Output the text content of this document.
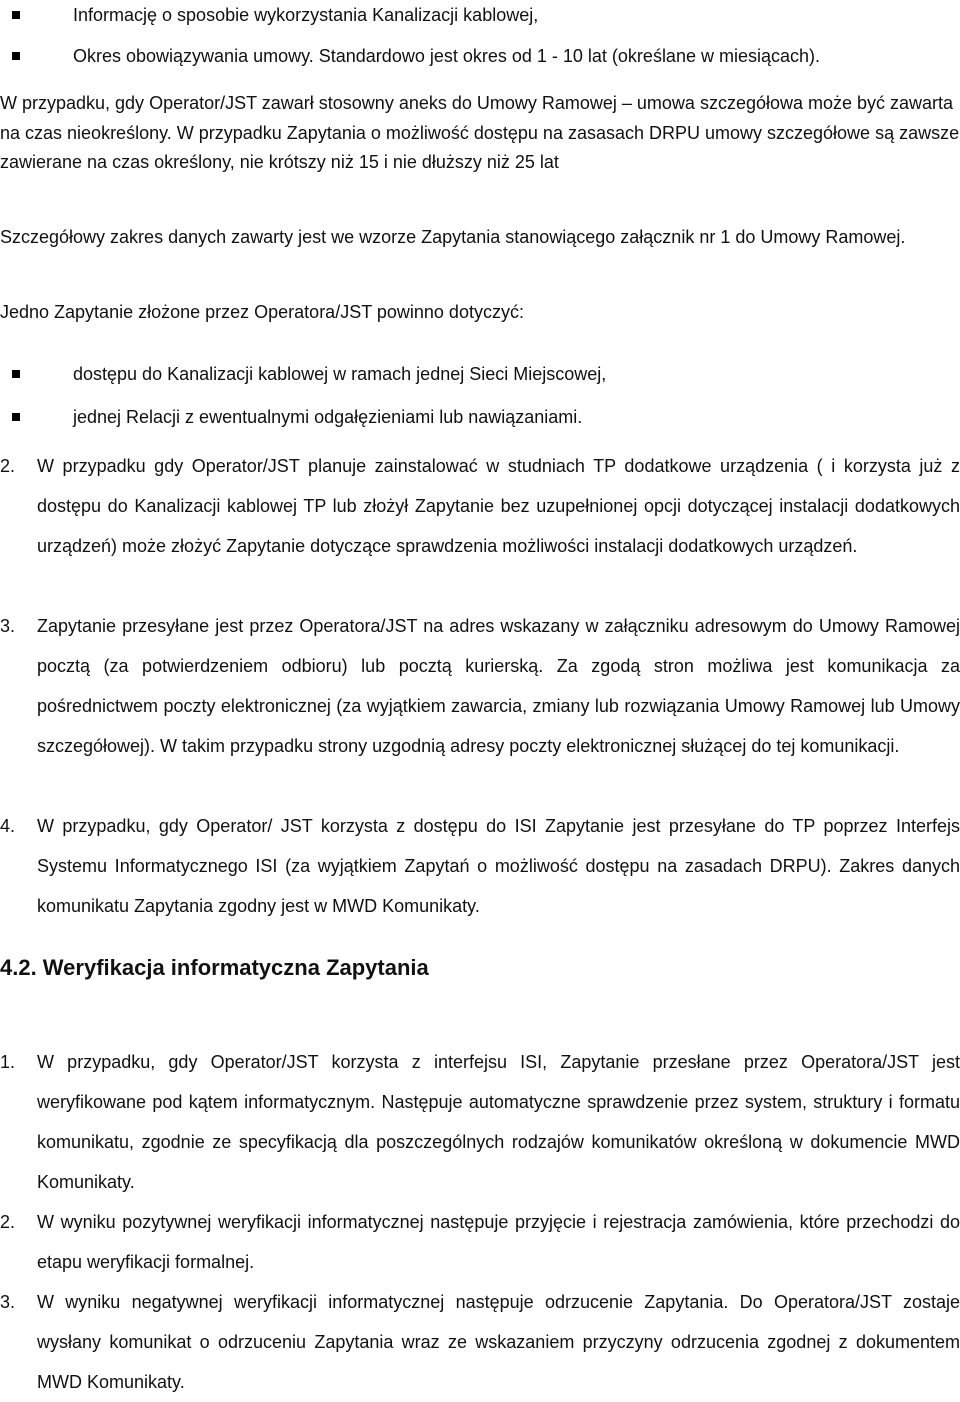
Informację o sposobie wykorzystania Kanalizacji kablowej,
Okres obowiązywania umowy. Standardowo jest okres od 1 - 10 lat (określane w miesiącach).
W przypadku, gdy Operator/JST zawarł stosowny aneks do Umowy Ramowej – umowa szczegółowa może być zawarta na czas nieokreślony. W przypadku Zapytania o możliwość dostępu na zasasach DRPU umowy szczegółowe są zawsze zawierane na czas określony, nie krótszy niż 15 i nie dłuższy niż 25 lat
Szczegółowy zakres danych zawarty jest we wzorze Zapytania stanowiącego załącznik nr 1 do Umowy Ramowej.
Jedno Zapytanie złożone przez Operatora/JST powinno dotyczyć:
dostępu do Kanalizacji kablowej w ramach jednej Sieci Miejscowej,
jednej Relacji z ewentualnymi odgałęzieniami lub nawiązaniami.
2. W przypadku gdy Operator/JST planuje zainstalować w studniach TP dodatkowe urządzenia ( i korzysta już z dostępu do Kanalizacji kablowej TP lub złożył Zapytanie bez uzupełnionej opcji dotyczącej instalacji dodatkowych urządzeń) może złożyć Zapytanie dotyczące sprawdzenia możliwości instalacji dodatkowych urządzeń.
3. Zapytanie przesyłane jest przez Operatora/JST na adres wskazany w załączniku adresowym do Umowy Ramowej pocztą (za potwierdzeniem odbioru) lub pocztą kurierską. Za zgodą stron możliwa jest komunikacja za pośrednictwem poczty elektronicznej (za wyjątkiem zawarcia, zmiany lub rozwiązania Umowy Ramowej lub Umowy szczegółowej). W takim przypadku strony uzgodnią adresy poczty elektronicznej służącej do tej komunikacji.
4. W przypadku, gdy Operator/ JST korzysta z dostępu do ISI Zapytanie jest przesyłane do TP poprzez Interfejs Systemu Informatycznego ISI (za wyjątkiem Zapytań o możliwość dostępu na zasadach DRPU). Zakres danych komunikatu Zapytania zgodny jest w MWD Komunikaty.
4.2. Weryfikacja informatyczna Zapytania
1. W przypadku, gdy Operator/JST korzysta z interfejsu ISI, Zapytanie przesłane przez Operatora/JST jest weryfikowane pod kątem informatycznym. Następuje automatyczne sprawdzenie przez system, struktury i formatu komunikatu, zgodnie ze specyfikacją dla poszczególnych rodzajów komunikatów określoną w dokumencie MWD Komunikaty.
2. W wyniku pozytywnej weryfikacji informatycznej następuje przyjęcie i rejestracja zamówienia, które przechodzi do etapu weryfikacji formalnej.
3. W wyniku negatywnej weryfikacji informatycznej następuje odrzucenie Zapytania. Do Operatora/JST zostaje wysłany komunikat o odrzuceniu Zapytania wraz ze wskazaniem przyczyny odrzucenia zgodnej z dokumentem MWD Komunikaty.
